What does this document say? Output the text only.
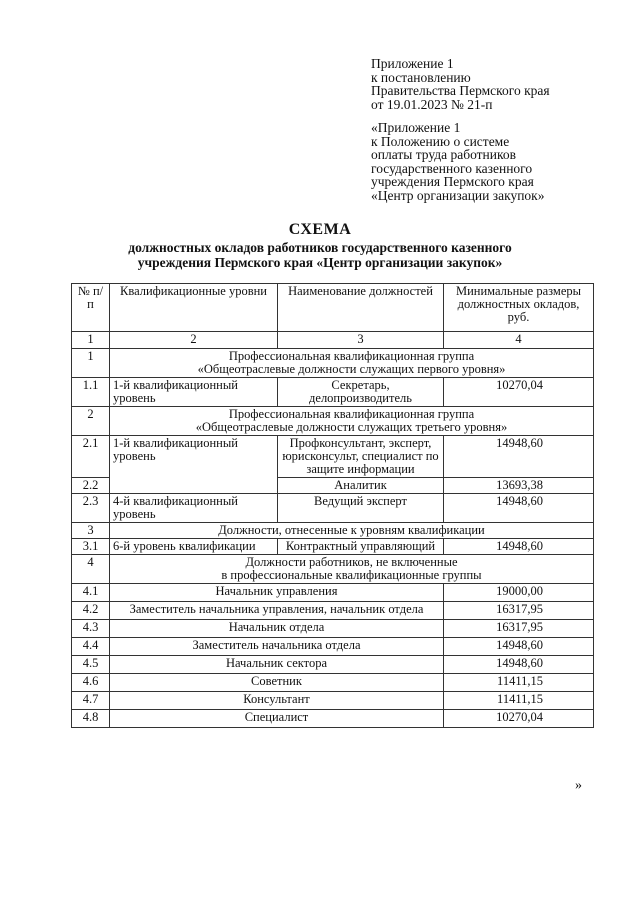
Приложение 1
к постановлению
Правительства Пермского края
от 19.01.2023 № 21-п
«Приложение 1
к Положению о системе
оплаты труда работников
государственного казенного
учреждения Пермского края
«Центр организации закупок»
СХЕМА
должностных окладов работников государственного казенного
учреждения Пермского края «Центр организации закупок»
№ п/п	Квалификационные уровни	Наименование должностей	Минимальные размеры должностных окладов, руб.
1	2	3	4
1	Профессиональная квалификационная группа
«Общеотраслевые должности служащих первого уровня»		

1.1	1-й квалификационный уровень	Секретарь, делопроизводитель	10270,04
2	Профессиональная квалификационная группа
«Общеотраслевые должности служащих третьего уровня»		

2.1	1-й квалификационный уровень	Профконсультант, эксперт, юрисконсульт, специалист по защите информации	14948,60
2.2		Аналитик	13693,38
2.3	4-й квалификационный уровень	Ведущий эксперт	14948,60
3	Должности, отнесенные к уровням квалификации		
3.1	6-й уровень квалификации	Контрактный управляющий	14948,60
4	Должности работников, не включенные
в профессиональные квалификационные группы		

4.1	Начальник управления		19000,00
4.2	Заместитель начальника управления, начальник отдела		16317,95
4.3	Начальник отдела		16317,95
4.4	Заместитель начальника отдела		14948,60
4.5	Начальник сектора		14948,60
4.6	Советник		11411,15
4.7	Консультант		11411,15
4.8	Специалист		10270,04
»
